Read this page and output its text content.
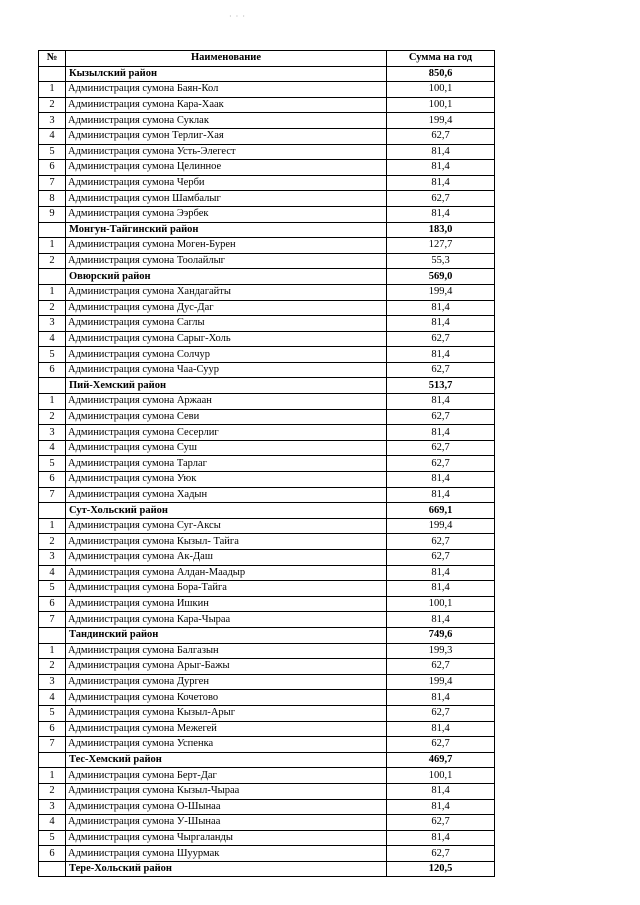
· · ·
№	Наименование	Сумма на год
	Кызылский район	850,6
1	Администрация сумона Баян-Кол	100,1
2	Администрация сумона Кара-Хаак	100,1
3	Администрация сумона Суклак	199,4
4	Администрация сумон Терлиг-Хая	62,7
5	Администрация сумона Усть-Элегест	81,4
6	Администрация сумона Целинное	81,4
7	Администрация сумона Черби	81,4
8	Администрация сумон Шамбалыг	62,7
9	Администрация сумона Ээрбек	81,4
	Монгун-Тайгинский район	183,0
1	Администрация сумона Моген-Бурен	127,7
2	Администрация сумона Тоолайлыг	55,3
	Овюрский район	569,0
1	Администрация сумона Хандагайты	199,4
2	Администрация сумона Дус-Даг	81,4
3	Администрация сумона Саглы	81,4
4	Администрация сумона Сарыг-Холь	62,7
5	Администрация сумона Солчур	81,4
6	Администрация сумона Чаа-Суур	62,7
	Пий-Хемский район	513,7
1	Администрация сумона Аржаан	81,4
2	Администрация сумона Севи	62,7
3	Администрация сумона Сесерлиг	81,4
4	Администрация сумона Суш	62,7
5	Администрация сумона Тарлаг	62,7
6	Администрация сумона Уюк	81,4
7	Администрация сумона Хадын	81,4
	Сут-Хольский район	669,1
1	Администрация сумона Суг-Аксы	199,4
2	Администрация сумона Кызыл- Тайга	62,7
3	Администрация сумона Ак-Даш	62,7
4	Администрация сумона Алдан-Маадыр	81,4
5	Администрация сумона Бора-Тайга	81,4
6	Администрация сумона Ишкин	100,1
7	Администрация сумона Кара-Чыраа	81,4
	Тандинский район	749,6
1	Администрация сумона Балгазын	199,3
2	Администрация сумона Арыг-Бажы	62,7
3	Администрация сумона Дурген	199,4
4	Администрация сумона Кочетово	81,4
5	Администрация сумона Кызыл-Арыг	62,7
6	Администрация сумона Межегей	81,4
7	Администрация сумона Успенка	62,7
	Тес-Хемский район	469,7
1	Администрация сумона Берт-Даг	100,1
2	Администрация сумона Кызыл-Чыраа	81,4
3	Администрация сумона О-Шынаа	81,4
4	Администрация сумона У-Шынаа	62,7
5	Администрация сумона Чыргаланды	81,4
6	Администрация сумона Шуурмак	62,7
	Тере-Хольский район	120,5
